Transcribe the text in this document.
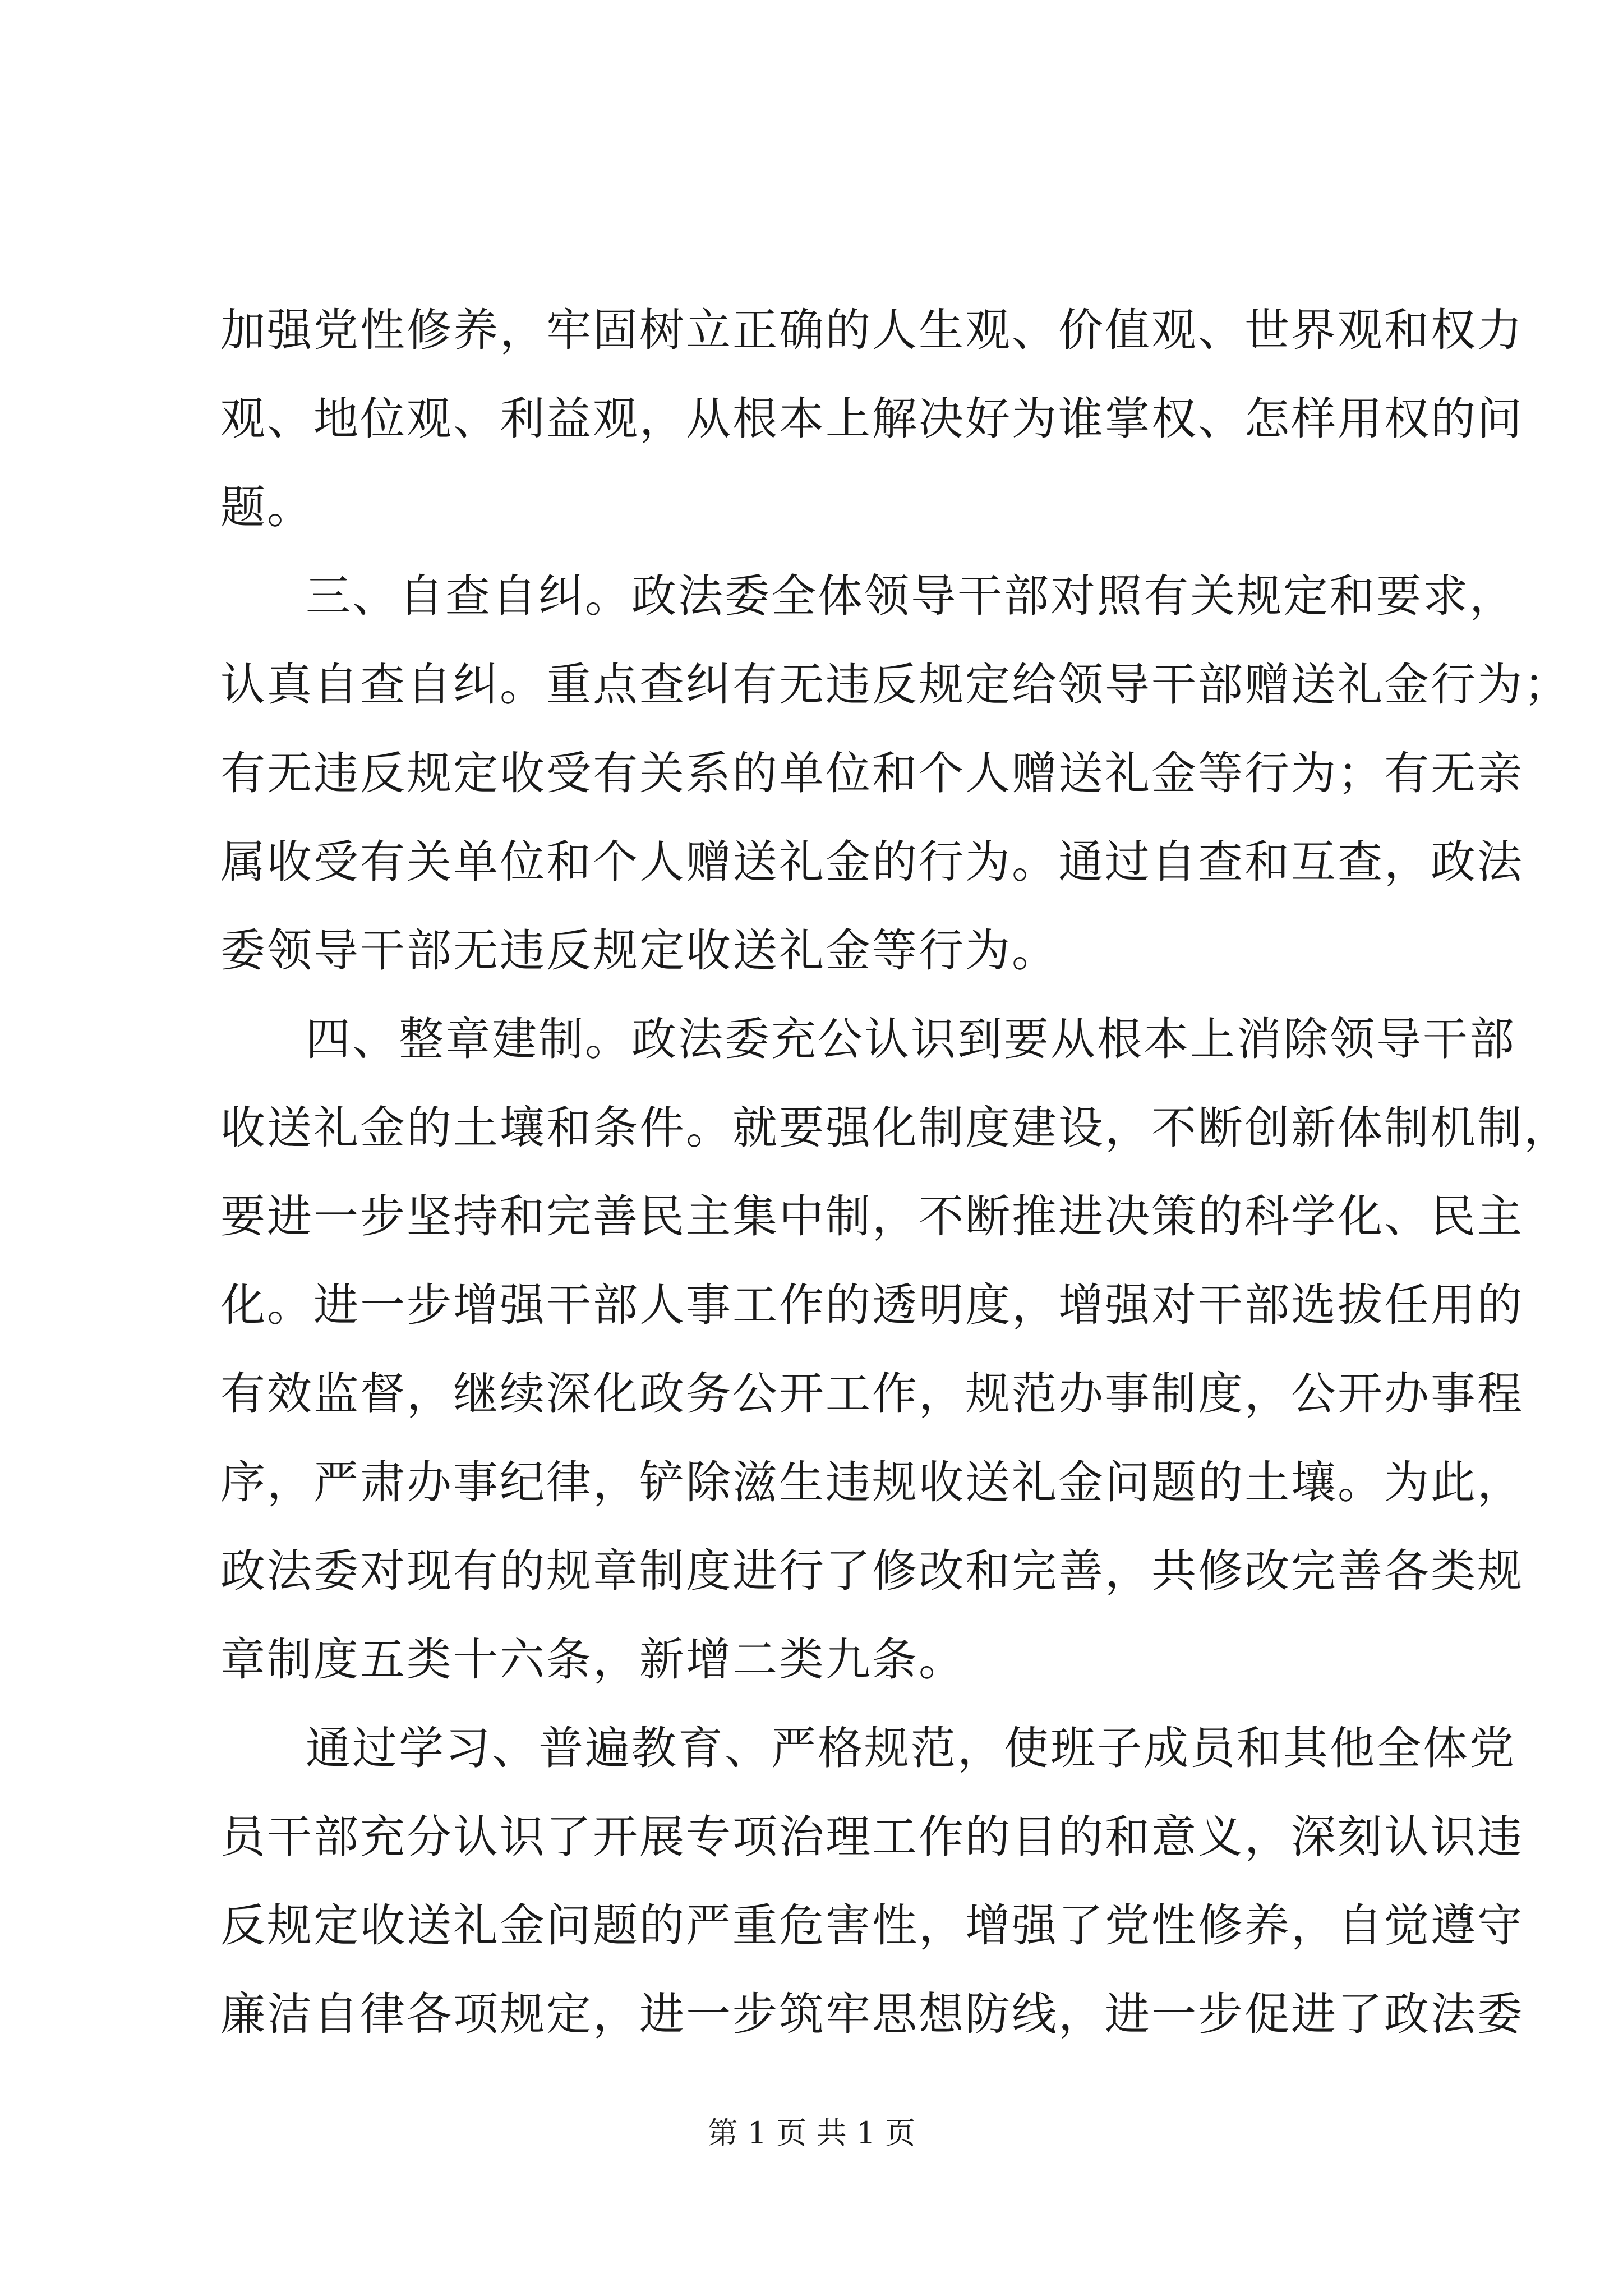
加强党性修养，牢固树立正确的人生观、价值观、世界观和权力
观、地位观、利益观，从根本上解决好为谁掌权、怎样用权的问
题。
三、自查自纠。政法委全体领导干部对照有关规定和要求，
认真自查自纠。重点查纠有无违反规定给领导干部赠送礼金行为；
有无违反规定收受有关系的单位和个人赠送礼金等行为；有无亲
属收受有关单位和个人赠送礼金的行为。通过自查和互查，政法
委领导干部无违反规定收送礼金等行为。
四、整章建制。政法委充公认识到要从根本上消除领导干部
收送礼金的土壤和条件。就要强化制度建设，不断创新体制机制，
要进一步坚持和完善民主集中制，不断推进决策的科学化、民主
化。进一步增强干部人事工作的透明度，增强对干部选拔任用的
有效监督，继续深化政务公开工作，规范办事制度，公开办事程
序，严肃办事纪律，铲除滋生违规收送礼金问题的土壤。为此，
政法委对现有的规章制度进行了修改和完善，共修改完善各类规
章制度五类十六条，新增二类九条。
通过学习、普遍教育、严格规范，使班子成员和其他全体党
员干部充分认识了开展专项治理工作的目的和意义，深刻认识违
反规定收送礼金问题的严重危害性，增强了党性修养，自觉遵守
廉洁自律各项规定，进一步筑牢思想防线，进一步促进了政法委
第 1 页 共 1 页
